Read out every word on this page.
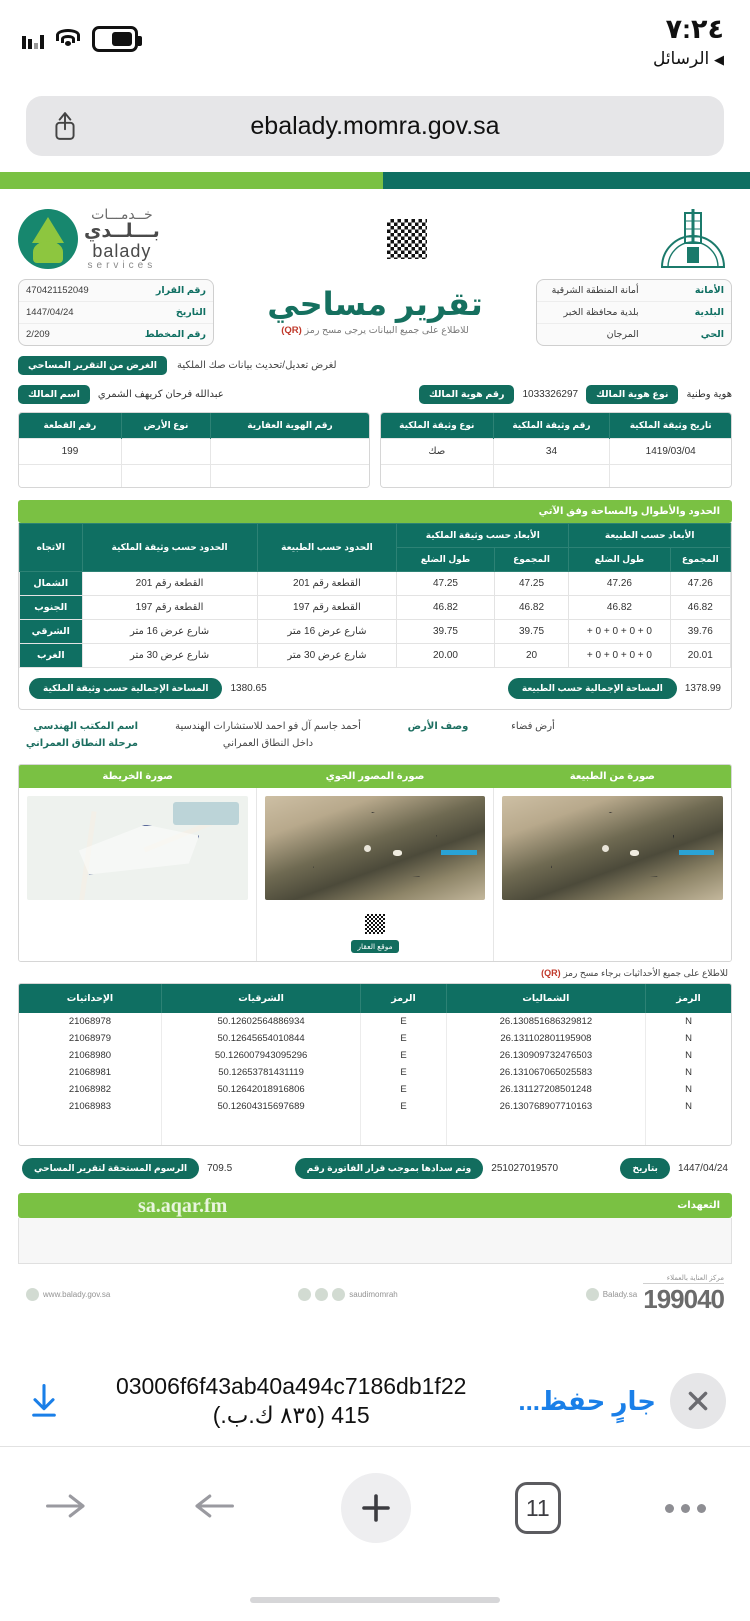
٧:٢٤
◀ الرسائل
ebalady.momra.gov.sa
خــدمـــات
بـــلــدي
balady
services
الأمانة
أمانة المنطقة الشرقية
البلدية
بلدية محافظة الخبر
الحي
المرجان
تقرير مساحي
للاطلاع على جميع البيانات يرجى مسح رمز (QR)
رقم القرار
470421152049
التاريخ
1447/04/24
رقم المخطط
2/209
لغرض تعديل/تحديث بيانات صك الملكية
الغرض من التقرير المساحي
هوية وطنية
نوع هوية المالك
1033326297
رقم هوية المالك
عبدالله فرحان كريهف الشمري
اسم المالك
تاريخ وثيقة الملكية	رقم وثيقة الملكية	نوع وثيقة الملكية
1419/03/04	34	صك

رقم الهوية العقارية	نوع الأرض	رقم القطعة
		199

الحدود والأطوال والمساحة وفق الآتي
الأبعاد حسب الطبيعة		الأبعاد حسب وثيقة الملكية		الحدود حسب الطبيعة	الحدود حسب وثيقة الملكية	الاتجاه
المجموع	طول الضلع	المجموع	طول الضلع			
47.26	47.26	47.25	47.25	القطعة رقم 201	القطعة رقم 201	الشمال
46.82	46.82	46.82	46.82	القطعة رقم 197	القطعة رقم 197	الجنوب
39.76	0 + 0 + 0 + 0 +	39.75	39.75	شارع عرض 16 متر	شارع عرض 16 متر	الشرقي
20.01	0 + 0 + 0 + 0 +	20	20.00	شارع عرض 30 متر	شارع عرض 30 متر	الغرب
1378.99
المساحة الإجمالية حسب الطبيعة
1380.65
المساحة الإجمالية حسب وثيقة الملكية
أرض فضاء
وصف الأرض
أحمد جاسم آل فو احمد للاستشارات الهندسية
اسم المكتب الهندسي
داخل النطاق العمراني
مرحلة النطاق العمراني
صورة من الطبيعة
صورة المصور الجوي
صورة الخريطة
موقع العقار
للاطلاع على جميع الأحداثيات برجاء مسح رمز (QR)
الرمز	الشماليات	الرمز	الشرقيات	الإحداثيات
N	26.130851686329812	E	50.12602564886934	21068978
N	26.131102801195908	E	50.12645654010844	21068979
N	26.130909732476503	E	50.126007943095296	21068980
N	26.131067065025583	E	50.12653781431119	21068981
N	26.131127208501248	E	50.12642018916806	21068982
N	26.130768907710163	E	50.12604315697689	21068983

1447/04/24
بتاريخ
251027019570
وتم سدادها بموجب قرار الفاتورة رقم
709.5
الرسوم المستحقة لتقرير المساحي
التعهدات
sa.aqar.fm
مركز العناية بالعملاء
199040
Balady.sa
saudimomrah
www.balady.gov.sa
جارٍ حفظ...
03006f6f43ab40a494c7186db1f22
415 (٨٣٥ ك.ب.)
11
